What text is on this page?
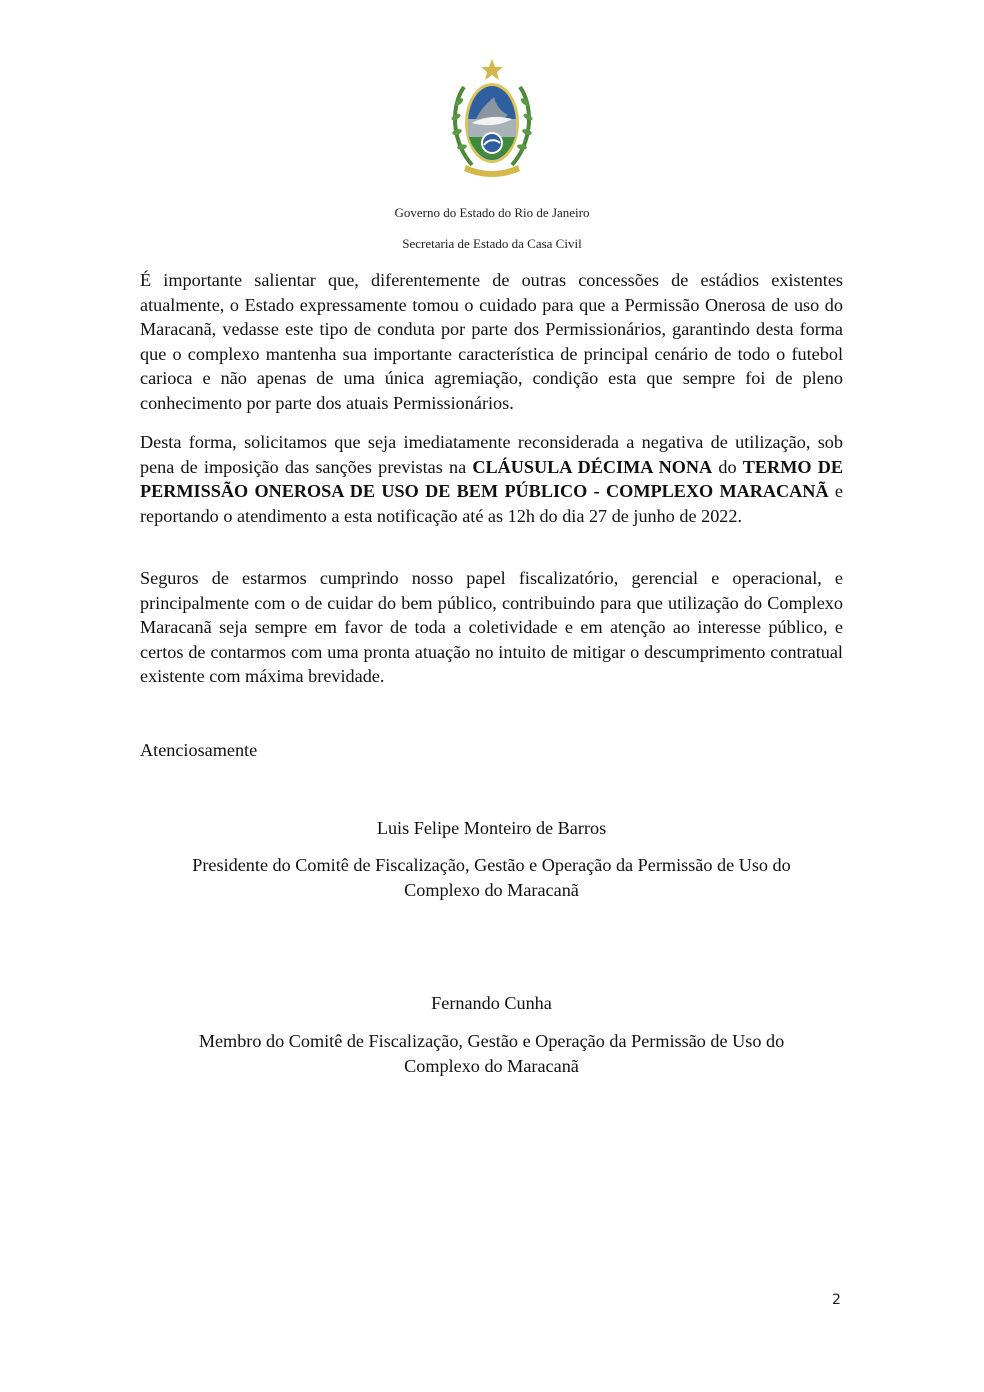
Governo do Estado do Rio de Janeiro
Secretaria de Estado da Casa Civil
É importante salientar que, diferentemente de outras concessões de estádios existentes atualmente, o Estado expressamente tomou o cuidado para que a Permissão Onerosa de uso do Maracanã, vedasse este tipo de conduta por parte dos Permissionários, garantindo desta forma que o complexo mantenha sua importante característica de principal cenário de todo o futebol carioca e não apenas de uma única agremiação, condição esta que sempre foi de pleno conhecimento por parte dos atuais Permissionários.
Desta forma, solicitamos que seja imediatamente reconsiderada a negativa de utilização, sob pena de imposição das sanções previstas na CLÁUSULA DÉCIMA NONA do TERMO DE PERMISSÃO ONEROSA DE USO DE BEM PÚBLICO - COMPLEXO MARACANÃ e reportando o atendimento a esta notificação até as 12h do dia 27 de junho de 2022.
Seguros de estarmos cumprindo nosso papel fiscalizatório, gerencial e operacional, e principalmente com o de cuidar do bem público, contribuindo para que utilização do Complexo Maracanã seja sempre em favor de toda a coletividade e em atenção ao interesse público, e certos de contarmos com uma pronta atuação no intuito de mitigar o descumprimento contratual existente com máxima brevidade.
Atenciosamente
Luis Felipe Monteiro de Barros
Presidente do Comitê de Fiscalização, Gestão e Operação da Permissão de Uso do
Complexo do Maracanã
Fernando Cunha
Membro do Comitê de Fiscalização, Gestão e Operação da Permissão de Uso do
Complexo do Maracanã
2
